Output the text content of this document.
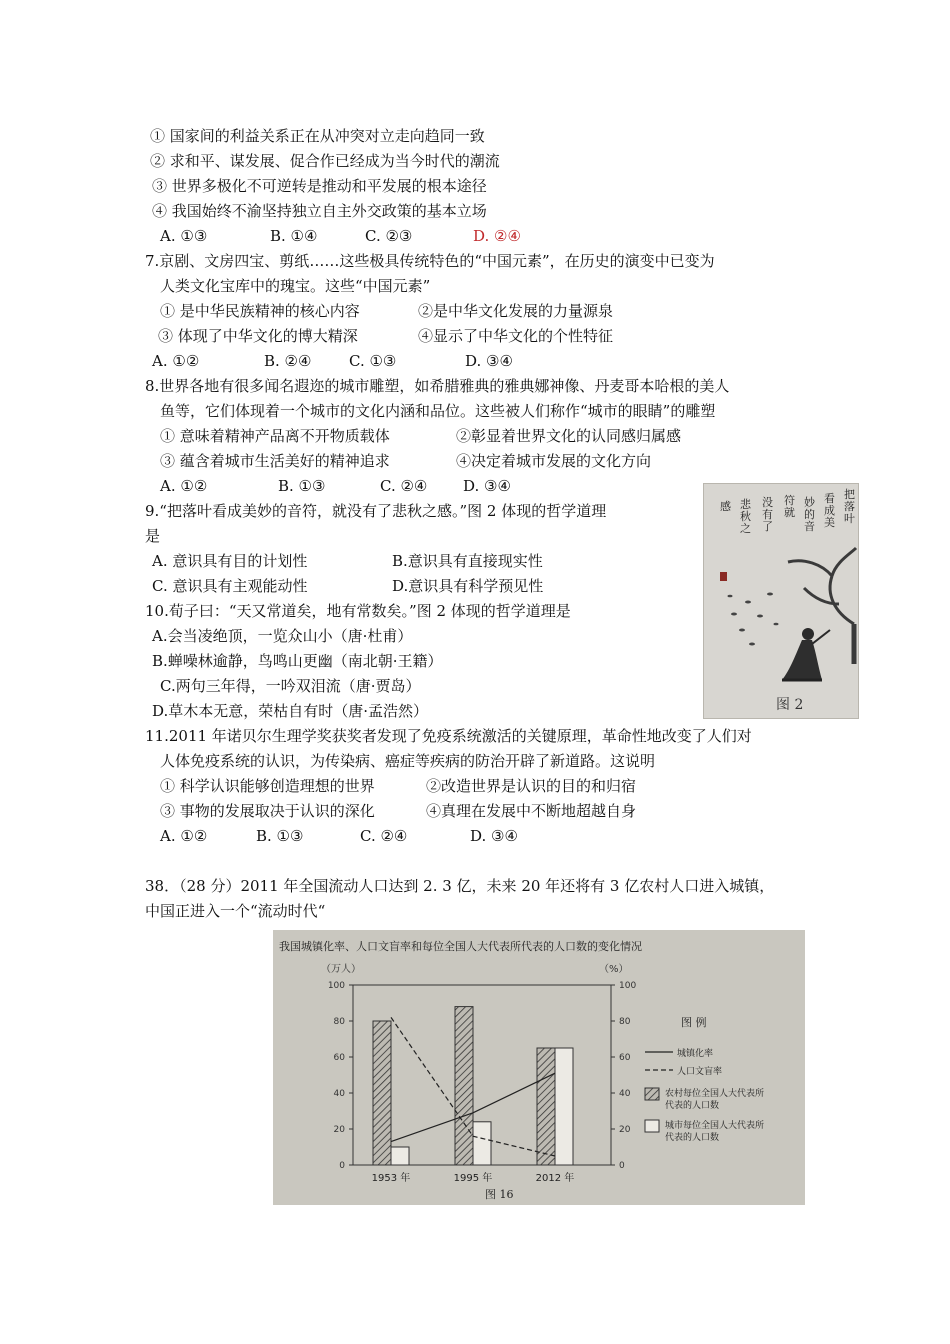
① 国家间的利益关系正在从冲突对立走向趋同一致
② 求和平、谋发展、促合作已经成为当今时代的潮流
③ 世界多极化不可逆转是推动和平发展的根本途径
④ 我国始终不渝坚持独立自主外交政策的基本立场
A. ①③	B. ①④	C. ②③	D. ②④
7.京剧、文房四宝、剪纸……这些极具传统特色的“中国元素”，在历史的演变中已变为
人类文化宝库中的瑰宝。这些“中国元素”
① 是中华民族精神的核心内容	②是中华文化发展的力量源泉
③ 体现了中华文化的博大精深	④显示了中华文化的个性特征
A. ①②	B. ②④	C. ①③	D. ③④
8.世界各地有很多闻名遐迩的城市雕塑，如希腊雅典的雅典娜神像、丹麦哥本哈根的美人
鱼等，它们体现着一个城市的文化内涵和品位。这些被人们称作“城市的眼睛”的雕塑
① 意味着精神产品离不开物质载体	②彰显着世界文化的认同感归属感
③ 蕴含着城市生活美好的精神追求	④决定着城市发展的文化方向
A. ①②	B. ①③	C. ②④ D. ③④
9.“把落叶看成美妙的音符，就没有了悲秋之感。”图 2 体现的哲学道理
是
A. 意识具有目的计划性	B.意识具有直接现实性
C. 意识具有主观能动性	D.意识具有科学预见性
10.荀子曰：“天又常道矣，地有常数矣。”图 2 体现的哲学道理是
A.会当凌绝顶，一览众山小（唐·杜甫）
B.蝉噪林逾静，鸟鸣山更幽（南北朝·王籍）
C.两句三年得，一吟双泪流（唐·贾岛）
D.草木本无意，荣枯自有时（唐·孟浩然）
11.2011 年诺贝尔生理学奖获奖者发现了免疫系统激活的关键原理，革命性地改变了人们对
人体免疫系统的认识，为传染病、癌症等疾病的防治开辟了新道路。这说明
① 科学认识能够创造理想的世界	②改造世界是认识的目的和归宿
③ 事物的发展取决于认识的深化	④真理在发展中不断地超越自身
A. ①②	B. ①③	C. ②④	D. ③④
38．（28 分）2011 年全国流动人口达到 2. 3 亿，未来 20 年还将有 3 亿农村人口进入城镇，
中国正进入一个“流动时代“
把落叶
看成美
妙的音
符就
没有了
悲秋之
感
图 2
我国城镇化率、人口文盲率和每位全国人大代表所代表的人口数的变化情况
（万人）	（%）
0	0
20	20
40	40
60	60
80	80
100	100
1953 年	1995 年	2012 年
图 例
城镇化率
人口文盲率
农村每位全国人大代表所
代表的人口数
城市每位全国人大代表所
代表的人口数
图 16
